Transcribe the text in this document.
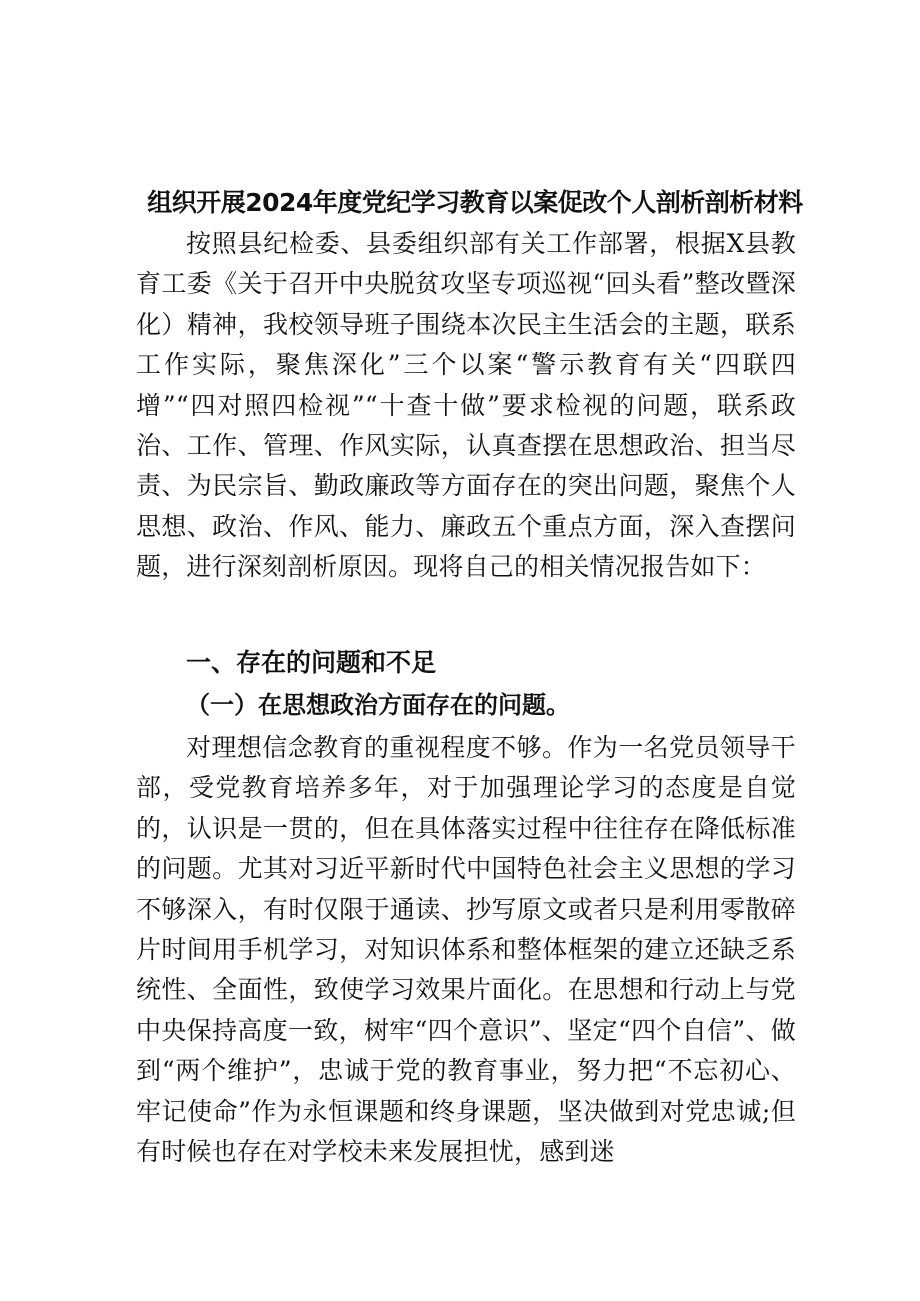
组织开展2024年度党纪学习教育以案促改个人剖析剖析材料

按照县纪检委、县委组织部有关工作部署，根据X县教育工委《关于召开中央脱贫攻坚专项巡视“回头看”整改暨深化）精神，我校领导班子围绕本次民主生活会的主题，联系工作实际，聚焦深化”三个以案“警示教育有关“四联四增”“四对照四检视”“十查十做”要求检视的问题，联系政治、工作、管理、作风实际，认真查摆在思想政治、担当尽责、为民宗旨、勤政廉政等方面存在的突出问题，聚焦个人思想、政治、作风、能力、廉政五个重点方面，深入查摆问题，进行深刻剖析原因。现将自己的相关情况报告如下：

一、存在的问题和不足
（一）在思想政治方面存在的问题。

对理想信念教育的重视程度不够。作为一名党员领导干部，受党教育培养多年，对于加强理论学习的态度是自觉的，认识是一贯的，但在具体落实过程中往往存在降低标准的问题。尤其对习近平新时代中国特色社会主义思想的学习不够深入，有时仅限于通读、抄写原文或者只是利用零散碎片时间用手机学习，对知识体系和整体框架的建立还缺乏系统性、全面性，致使学习效果片面化。在思想和行动上与党中央保持高度一致，树牢“四个意识”、坚定“四个自信”、做到“两个维护”，忠诚于党的教育事业，努力把“不忘初心、牢记使命”作为永恒课题和终身课题，坚决做到对党忠诚;但有时候也存在对学校未来发展担忧，感到迷
